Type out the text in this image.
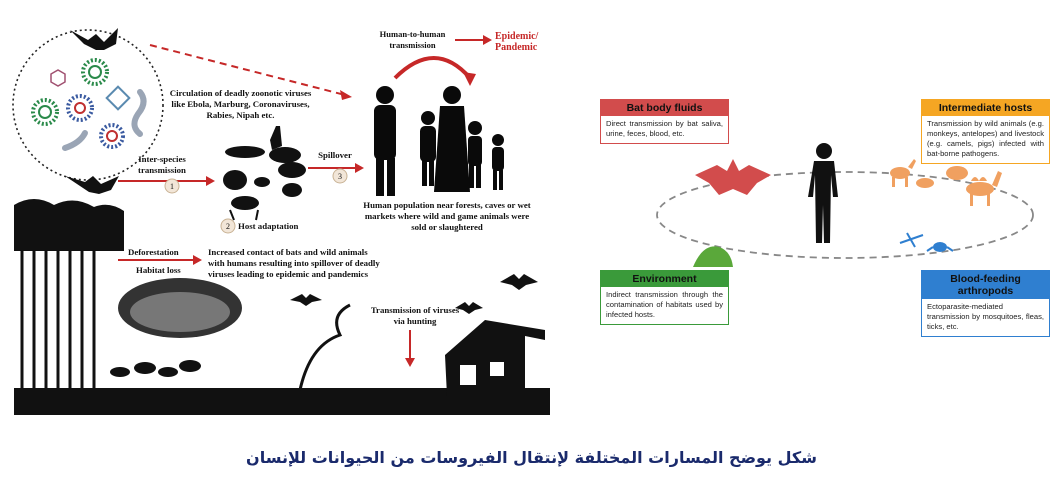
Human-to-human
transmission
Epidemic/
Pandemic
Circulation of deadly zoonotic viruses
like Ebola, Marburg, Coronaviruses,
Rabies, Nipah etc.
Inter-species
transmission
Spillover
1
2
3
Host adaptation
Human population near forests, caves or wet
markets where wild and game animals were
sold or slaughtered
Deforestation
Habitat loss
Increased contact of bats and wild animals
with humans resulting into spillover of deadly
viruses leading to epidemic and pandemics
Transmission of viruses
via hunting
Bat body fluids
Direct transmission by bat saliva, urine, feces, blood, etc.
Intermediate hosts
Transmission by wild animals (e.g. monkeys, antelopes) and livestock (e.g. camels, pigs) infected with bat-borne pathogens.
Environment
Indirect transmission through the contamination of habitats used by infected hosts.
Blood-feeding arthropods
Ectoparasite-mediated transmission by mosquitoes, fleas, ticks, etc.
شكل يوضح المسارات المختلفة لإنتقال الفيروسات من الحيوانات للإنسان
